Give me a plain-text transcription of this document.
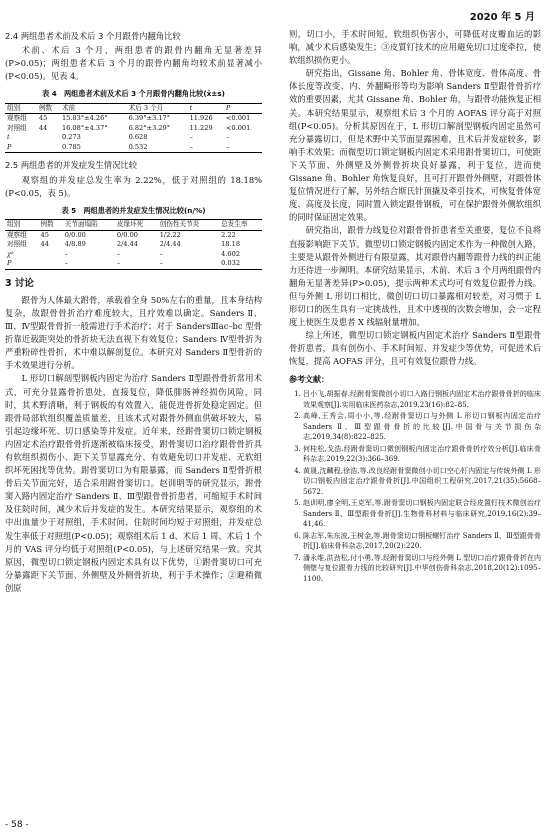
2020 年 5 月
2.4 两组患者术前及术后 3 个月跟骨内翻角比较

术前、术后 3 个月，两组患者的跟骨内翻角无显著差异(P>0.05)；两组患者术后 3 个月的跟骨内翻角均较术前显著减小(P<0.05)。见表 4。

表 4　两组患者术前及术后 3 个月跟骨内翻角比较(x̄±s)
组别	例数	术前	术后 3 个月	t	P
观察组	45	15.83°±4.26°	6.39°±3.17°	11.926	<0.001
对照组	44	16.08°±4.37°	6.82°±3.29°	11.229	<0.001
t		0.273	0.628	–	–
P		0.785	0.532	–	–
2.5 两组患者的并发症发生情况比较

观察组的并发症总发生率为 2.22%，低于对照组的 18.18%(P<0.05，表 5)。

表 5　两组患者的并发症发生情况比较(n/%)
组别	例数	关节面塌陷	皮缘坏死	创伤性关节炎	总发生率
观察组	45	0/0.00	0/0.00	1/2.22	2.22
对照组	44	4/8.89	2/4.44	2/4.44	18.18
χ²		–	–	–	4.602
P		–	–	–	0.032
3 讨论

跟骨为人体最大跗骨，承载着全身 50%左右的重量，且本身结构复杂，故跟骨骨折治疗难度较大，且疗效难以确定。Sanders Ⅱ、Ⅲ、Ⅳ型跟骨骨折一般需进行手术治疗；对于 SandersⅢac–bc 型骨折靠近载距突处的骨折块无法直视下有效复位；Sanders Ⅳ型骨折为严重粉碎性骨折，术中难以解剖复位。本研究对 Sanders Ⅱ型骨折的手术效果进行分析。

L 形切口解剖型钢板内固定为治疗 Sanders Ⅱ型跟骨骨折常用术式，可充分显露骨折患处，直接复位，降低腓肠神经损伤风险，同时，其术野清晰，利于钢板的有效置入，能促进骨折处稳定固定。但跟骨局部软组织覆盖质量差，且该术式对跟骨外侧血供破坏较大，易引起边缘坏死、切口感染等并发症。近年来，经跗骨窦切口锁定钢板内固定术治疗跟骨骨折逐渐被临床接受，跗骨窦切口治疗跟骨骨折具有软组织损伤小、距下关节显露充分、有效避免切口并发症、无软组织坏死困扰等优势。跗骨窦切口为有限暴露，而 Sanders Ⅱ型骨折根骨后关节面完好，适合采用跗骨窦切口。赵训明等的研究显示，跗骨窦入路内固定治疗 Sanders Ⅱ、Ⅲ型跟骨骨折患者，可缩短手术时间及住院时间，减少术后并发症的发生。本研究结果显示，观察组的术中出血量少于对照组，手术时间、住院时间均短于对照组，并发症总发生率低于对照组(P<0.05)；观察组术后 1 d、术后 1 周、术后 1 个月的 VAS 评分均低于对照组(P<0.05)，与上述研究结果一致。究其原因，微型切口锁定钢板内固定术具有以下优势，①跗骨窦切口可充分暴露距下关节面、外侧壁及外侧骨折块，利于手术操作；②避稍微创原

则，切口小，手术时间短，软组织伤害小，可降低对皮瓣血运的影响，减少术后感染发生；③皮質钉技术的应用避免切口过度牵拉，使软组织损伤更小。

研究指出，Gissane 角、Bohler 角、骨体宽度、骨体高度、骨体长度等改变、内、外翻畸形等均为影响 Sanders Ⅱ型跟骨骨折疗效的重要因素，尤其 Gissane 角、Bohler 角，与跟骨功能恢复正相关。本研究结果显示，观察组术后 3 个月的 AOFAS 评分高于对照组(P<0.05)。分析其原因在于，L 形切口解剖型钢板内固定虽然可充分暴露切口，但是术野中关节面显露困难，且术后并发症较多，影响手术效果；而微型切口锁定钢板内固定术采用跗骨窦切口，可使距下关节面、外侧壁及外侧骨折块良好暴露，利于复位，进而使 Gissane 角、Bohler 角恢复良好，且可打开跟骨外侧壁，对跟骨体复位情况进行了解，另外结合斯氏针顶撬及牵引技术，可恢复骨体宽度、高度及长度，同时置入锁定跟骨钢板，可在保护跟骨外侧软组织的同时保证固定效果。

研究指出，跟骨力线复位对跟骨骨折患者至关重要，复位不良将直接影响距下关节。微型切口锁定钢板内固定术作为一种微创入路，主要是从跟骨外侧进行有限显露，其对跟骨内翻等跟骨力线的纠正能力还待进一步阐明。本研究结果显示，术前、术后 3 个月两组跟骨内翻角无显著差异(P>0.05)，提示两种术式均可有效复位跟骨力线。但与外侧 L 形切口相比，微创切口切口暴露相对较差，对习惯于 L 形切口的医生具有一定挑战性，且术中透视的次数会增加，会一定程度上使医生及患者 X 线辐射量增加。

综上所述，微型切口锁定钢板内固定术治疗 Sanders Ⅱ型跟骨骨折患者，具有创伤小、手术时间短、并发症少等优势，可促进术后恢复，提高 AOFAS 评分，且可有效复位跟骨力线。

参考文献：
1. 吕小飞,胡振春.经跗骨窦微创小切口入路行钢板内固定术治疗跟骨骨折的临床效果观察[J].实用临床医药杂志,2019,23(16):82–85.
2. 高峰,王秀会,周小小,等.经跗骨窦切口与外侧 L 形切口钢板内固定治疗 Sanders Ⅱ、Ⅲ型跟骨骨折的比较[J].中国骨与关节损伤杂志,2019,34(8):822–825.
3. 何桂松,戈浩.经跗骨窦切口微创钢板内固定治疗跟骨骨折疗效分析[J].临床骨科杂志,2019,22(3):366–369.
4. 黄晟,沈麟程,徐浩,等.改良经跗骨窦微创小切口空心钉内固定与传统外侧 L 形切口钢板内固定治疗跟骨骨折[J].中国组织工程研究,2017,21(35):5668–5672.
5. 赵训明,廖全明,王克军,等.跗骨窦切口钢板内固定联合经皮置钉技术微创治疗 Sanders Ⅱ、Ⅲ型跟骨骨折[J].生物骨科材料与临床研究,2019,16(2):39–41,46.
6. 陈志军,朱东波,王树金,等.跗骨窦切口钢板螺钉治疗 Sanders Ⅱ、Ⅲ型跟骨骨折[J].临床骨科杂志,2017,20(2):220.
7. 潘永维,洪劲松,付小勇,等.经跗骨窦切口与经外侧 L 型切口治疗跟骨骨折在内侧壁与复位跟骨力线的比较研究[J].中华创伤骨科杂志,2018,20(12):1095–1100.
- 58 -
